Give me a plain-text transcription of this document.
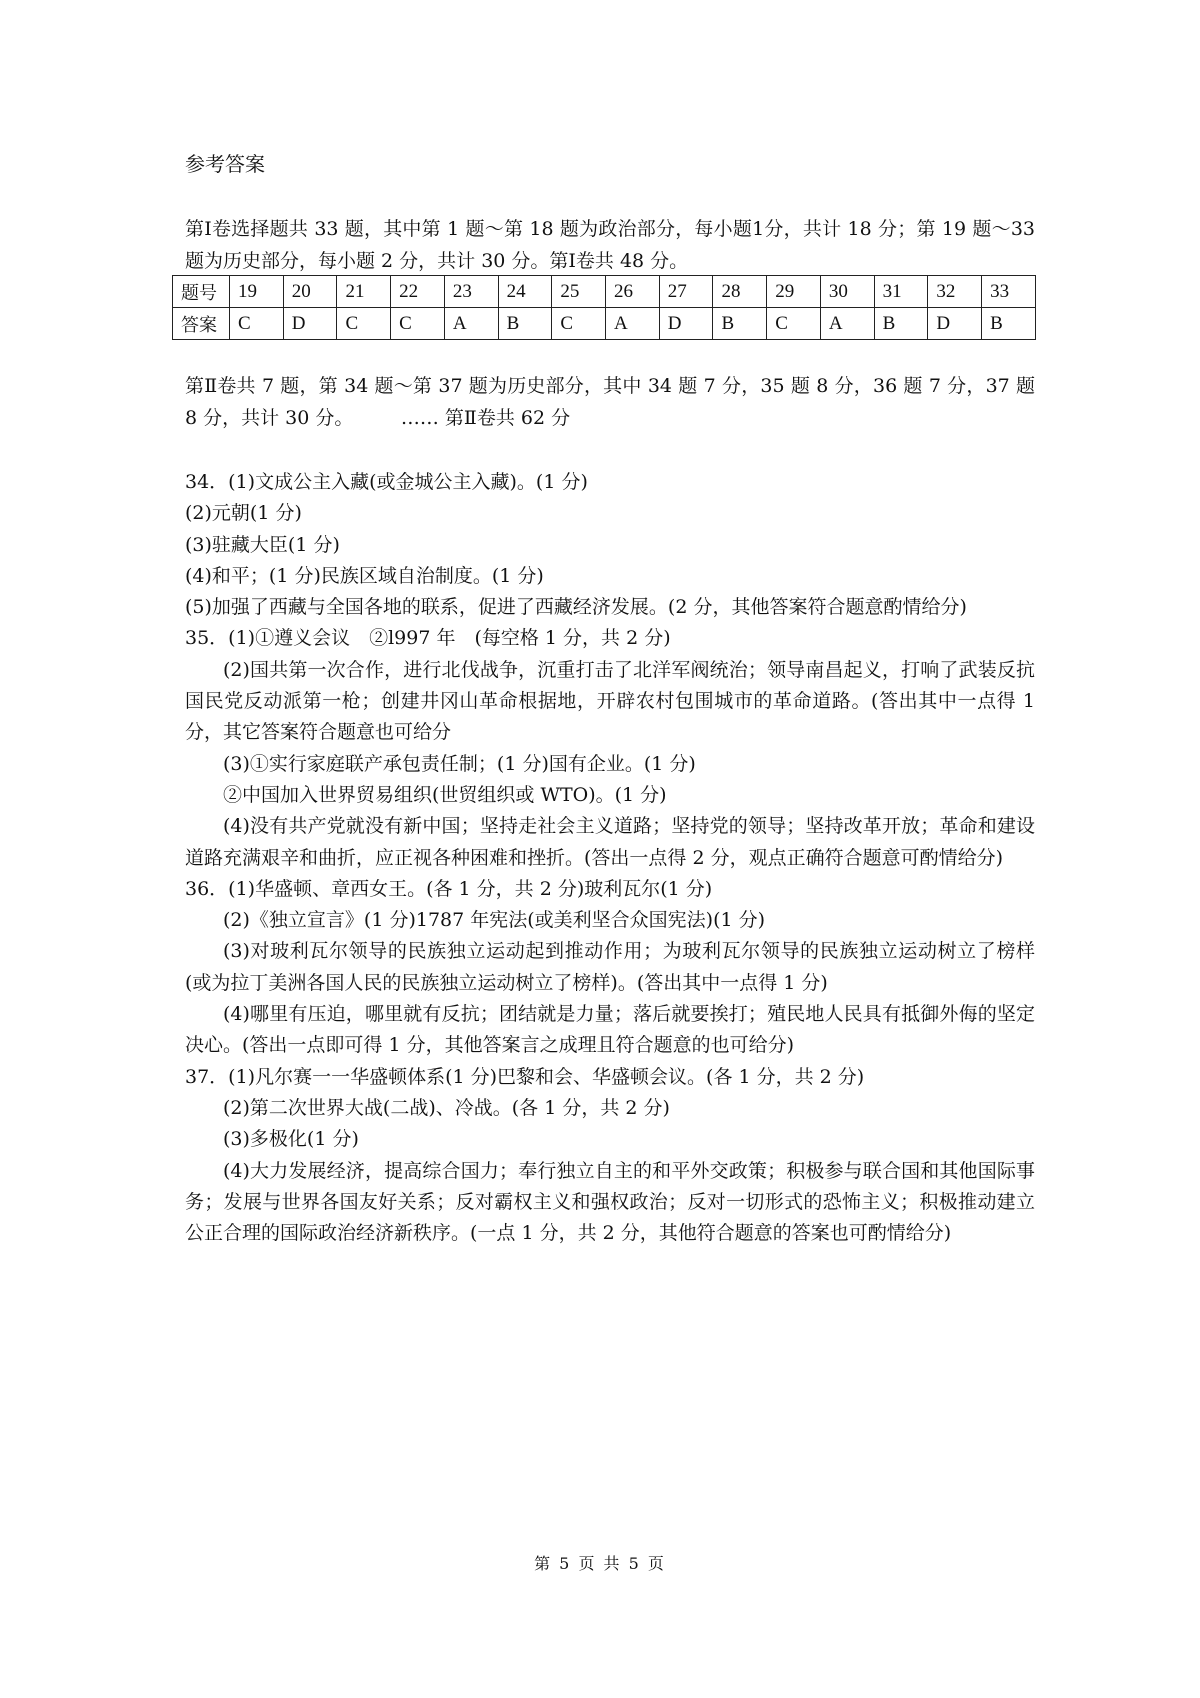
参考答案
第Ⅰ卷选择题共 33 题，其中第 1 题～第 18 题为政治部分，每小题1分，共计 18 分；第 19 题～33 题为历史部分，每小题 2 分，共计 30 分。第Ⅰ卷共 48 分。
题号	19	20	21	22	23	24	25	26	27	28	29	30	31	32	33
答案	C	D	C	C	A	B	C	A	D	B	C	A	B	D	B
第Ⅱ卷共 7 题，第 34 题～第 37 题为历史部分，其中 34 题 7 分，35 题 8 分，36 题 7 分，37 题 8 分，共计 30 分。　　　…… 第Ⅱ卷共 62 分

34．(1)文成公主入藏(或金城公主入藏)。(1 分)

(2)元朝(1 分)

(3)驻藏大臣(1 分)

(4)和平；(1 分)民族区域自治制度。(1 分)

(5)加强了西藏与全国各地的联系，促进了西藏经济发展。(2 分，其他答案符合题意酌情给分)

35．(1)①遵义会议　②l997 年　(每空格 1 分，共 2 分)

(2)国共第一次合作，进行北伐战争，沉重打击了北洋军阀统治；领导南昌起义，打响了武装反抗国民党反动派第一枪；创建井冈山革命根据地，开辟农村包围城市的革命道路。(答出其中一点得 1 分，其它答案符合题意也可给分

(3)①实行家庭联产承包责任制；(1 分)国有企业。(1 分)

②中国加入世界贸易组织(世贸组织或 WTO)。(1 分)

(4)没有共产党就没有新中国；坚持走社会主义道路；坚持党的领导；坚持改革开放；革命和建设道路充满艰辛和曲折，应正视各种困难和挫折。(答出一点得 2 分，观点正确符合题意可酌情给分)

36．(1)华盛顿、章西女王。(各 1 分，共 2 分)玻利瓦尔(1 分)

(2)《独立宣言》(1 分)1787 年宪法(或美利坚合众国宪法)(1 分)

(3)对玻利瓦尔领导的民族独立运动起到推动作用；为玻利瓦尔领导的民族独立运动树立了榜样(或为拉丁美洲各国人民的民族独立运动树立了榜样)。(答出其中一点得 1 分)

(4)哪里有压迫，哪里就有反抗；团结就是力量；落后就要挨打；殖民地人民具有抵御外侮的坚定决心。(答出一点即可得 1 分，其他答案言之成理且符合题意的也可给分)

37．(1)凡尔赛一一华盛顿体系(1 分)巴黎和会、华盛顿会议。(各 1 分，共 2 分)

(2)第二次世界大战(二战)、冷战。(各 1 分，共 2 分)

(3)多极化(1 分)

(4)大力发展经济，提高综合国力；奉行独立自主的和平外交政策；积极参与联合国和其他国际事务；发展与世界各国友好关系；反对霸权主义和强权政治；反对一切形式的恐怖主义；积极推动建立公正合理的国际政治经济新秩序。(一点 1 分，共 2 分，其他符合题意的答案也可酌情给分)

第 5 页 共 5 页
